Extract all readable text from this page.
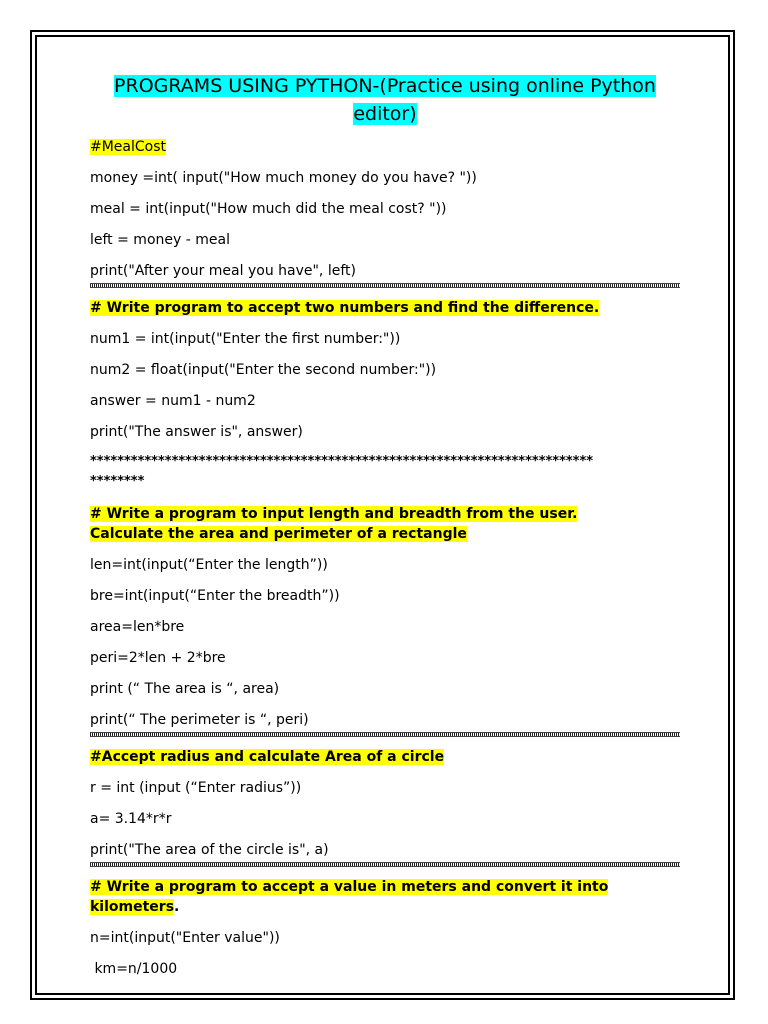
PROGRAMS USING PYTHON-(Practice using online Python editor)
#MealCost
money =int( input("How much money do you have? "))
meal = int(input("How much did the meal cost? "))
left = money - meal
print("After your meal you have", left)
# Write program to accept two numbers and find the difference.
num1 = int(input("Enter the first number:"))
num2 = float(input("Enter the second number:"))
answer = num1 - num2
print("The answer is", answer)
**************************************************************************
********
# Write a program to input length and breadth from the user. Calculate the area and perimeter of a rectangle
len=int(input(“Enter the length”))
bre=int(input(“Enter the breadth”))
area=len*bre
peri=2*len + 2*bre
print (“ The area is “, area)
print(“ The perimeter is “, peri)
#Accept radius and calculate Area of a circle
r = int (input (“Enter radius”))
a= 3.14*r*r
print("The area of the circle is", a)
# Write a program to accept a value in meters and convert it into kilometers.
n=int(input("Enter value"))
km=n/1000
